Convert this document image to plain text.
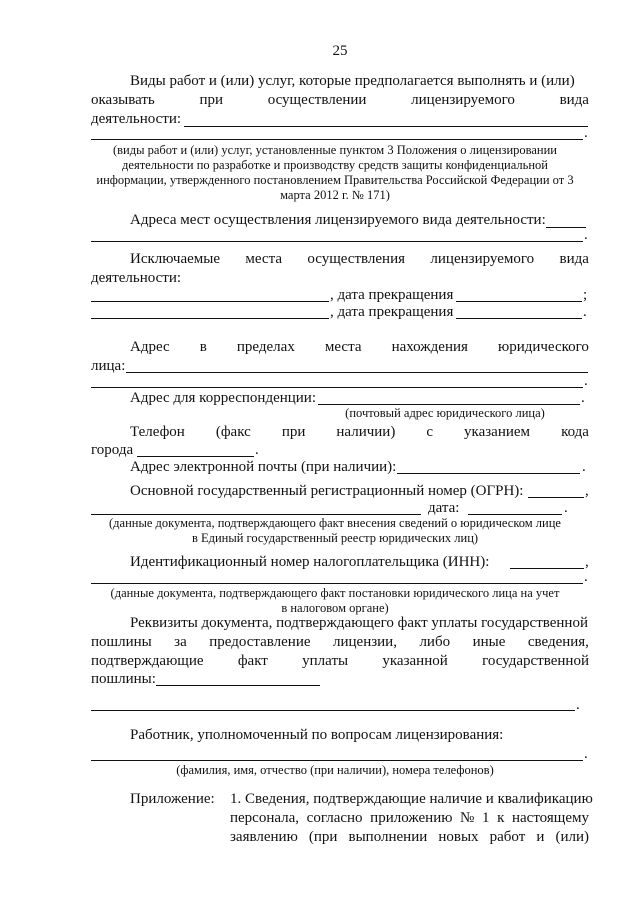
25
Виды работ и (или) услуг, которые предполагается выполнять и (или)
оказывать	при	осуществлении	лицензируемого	вида
деятельности:
.
(виды работ и (или) услуг, установленные пунктом 3 Положения о лицензировании
деятельности по разработке и производству средств защиты конфиденциальной
информации, утвержденного постановлением Правительства Российской Федерации от 3
марта 2012 г. № 171)
Адреса мест осуществления лицензируемого вида деятельности:
.
Исключаемые места осуществления лицензируемого вида
деятельности:
, дата прекращения	;
, дата прекращения	.
Адрес в пределах места нахождения юридического
лица:
.
Адрес для корреспонденции:	.
(почтовый адрес юридического лица)
Телефон (факс при наличии) с указанием кода
города	.
Адрес электронной почты (при наличии):	.
Основной государственный регистрационный номер (ОГРН):	,
дата:	.
(данные документа, подтверждающего факт внесения сведений о юридическом лице
в Единый государственный реестр юридических лиц)
Идентификационный номер налогоплательщика (ИНН):	,
.
(данные документа, подтверждающего факт постановки юридического лица на учет
в налоговом органе)
Реквизиты документа, подтверждающего факт уплаты государственной
пошлины за предоставление лицензии, либо иные сведения,
подтверждающие факт уплаты указанной государственной
пошлины:
.
Работник, уполномоченный по вопросам лицензирования:
.
(фамилия, имя, отчество (при наличии), номера телефонов)
Приложение: 1. Сведения, подтверждающие наличие и квалификацию
персонала, согласно приложению № 1 к настоящему
заявлению (при выполнении новых работ и (или)
